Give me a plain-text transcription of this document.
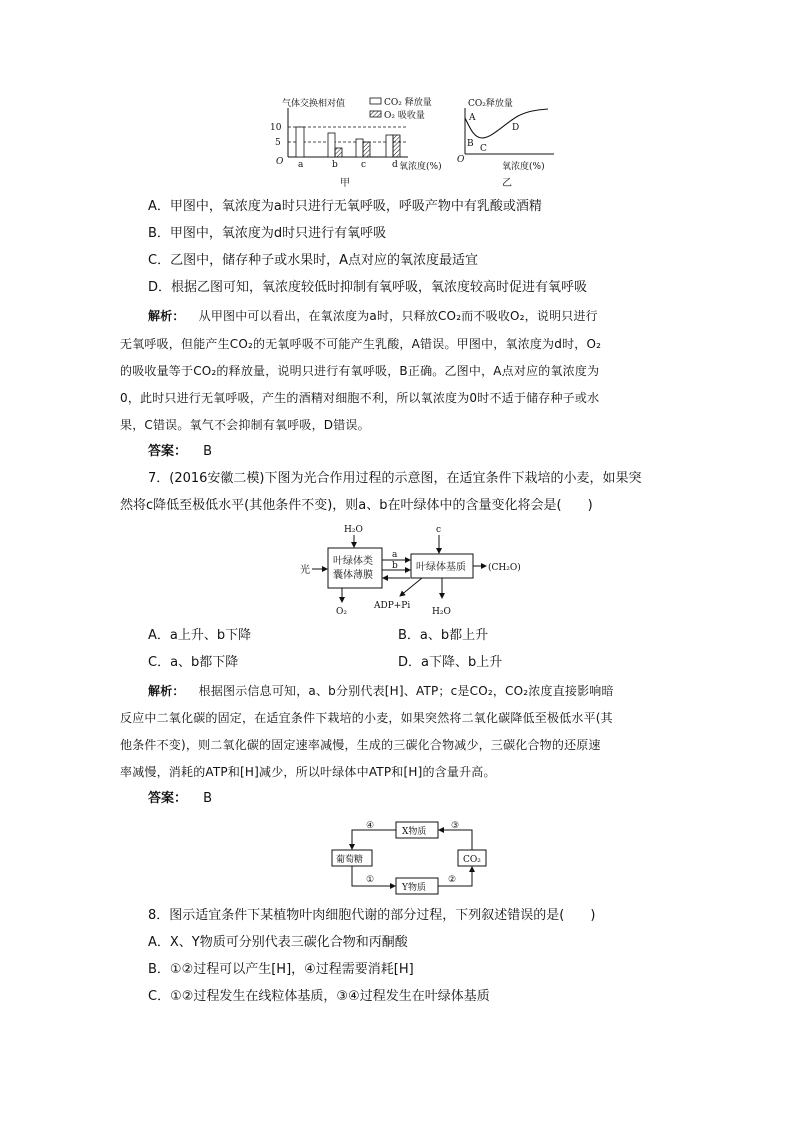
气体交换相对值	CO₂ 释放量
O₂ 吸收量
10
5
O a	b	c	d 氧浓度(%)
甲
CO₂释放量
A
B C
D
O
氧浓度(%)
乙
A．甲图中，氧浓度为a时只进行无氧呼吸，呼吸产物中有乳酸或酒精
B．甲图中，氧浓度为d时只进行有氧呼吸
C．乙图中，储存种子或水果时，A点对应的氧浓度最适宜
D．根据乙图可知，氧浓度较低时抑制有氧呼吸，氧浓度较高时促进有氧呼吸
解析： 从甲图中可以看出，在氧浓度为a时，只释放CO₂而不吸收O₂，说明只进行
无氧呼吸，但能产生CO₂的无氧呼吸不可能产生乳酸，A错误。甲图中，氧浓度为d时，O₂
的吸收量等于CO₂的释放量，说明只进行有氧呼吸，B正确。乙图中，A点对应的氧浓度为
0，此时只进行无氧呼吸，产生的酒精对细胞不利，所以氧浓度为0时不适于储存种子或水
果，C错误。氧气不会抑制有氧呼吸，D错误。
答案： B
7．(2016安徽二模)下图为光合作用过程的示意图，在适宜条件下栽培的小麦，如果突
然将c降低至极低水平(其他条件不变)，则a、b在叶绿体中的含量变化将会是(　　)
H₂O
光
叶绿体类
囊体薄膜
a
b
c
叶绿体基质 (CH₂O)
O₂
ADP+Pi
H₂O
A．a上升、b下降	B．a、b都上升
C．a、b都下降	D．a下降、b上升
解析： 根据图示信息可知，a、b分别代表[H]、ATP；c是CO₂，CO₂浓度直接影响暗
反应中二氧化碳的固定，在适宜条件下栽培的小麦，如果突然将二氧化碳降低至极低水平(其
他条件不变)，则二氧化碳的固定速率减慢，生成的三碳化合物减少，三碳化合物的还原速
率减慢，消耗的ATP和[H]减少，所以叶绿体中ATP和[H]的含量升高。
答案： B
X物质
葡萄糖	CO₂
Y物质
④	③
①	②
8．图示适宜条件下某植物叶肉细胞代谢的部分过程，下列叙述错误的是(　　)
A．X、Y物质可分别代表三碳化合物和丙酮酸
B．①②过程可以产生[H]，④过程需要消耗[H]
C．①②过程发生在线粒体基质，③④过程发生在叶绿体基质
